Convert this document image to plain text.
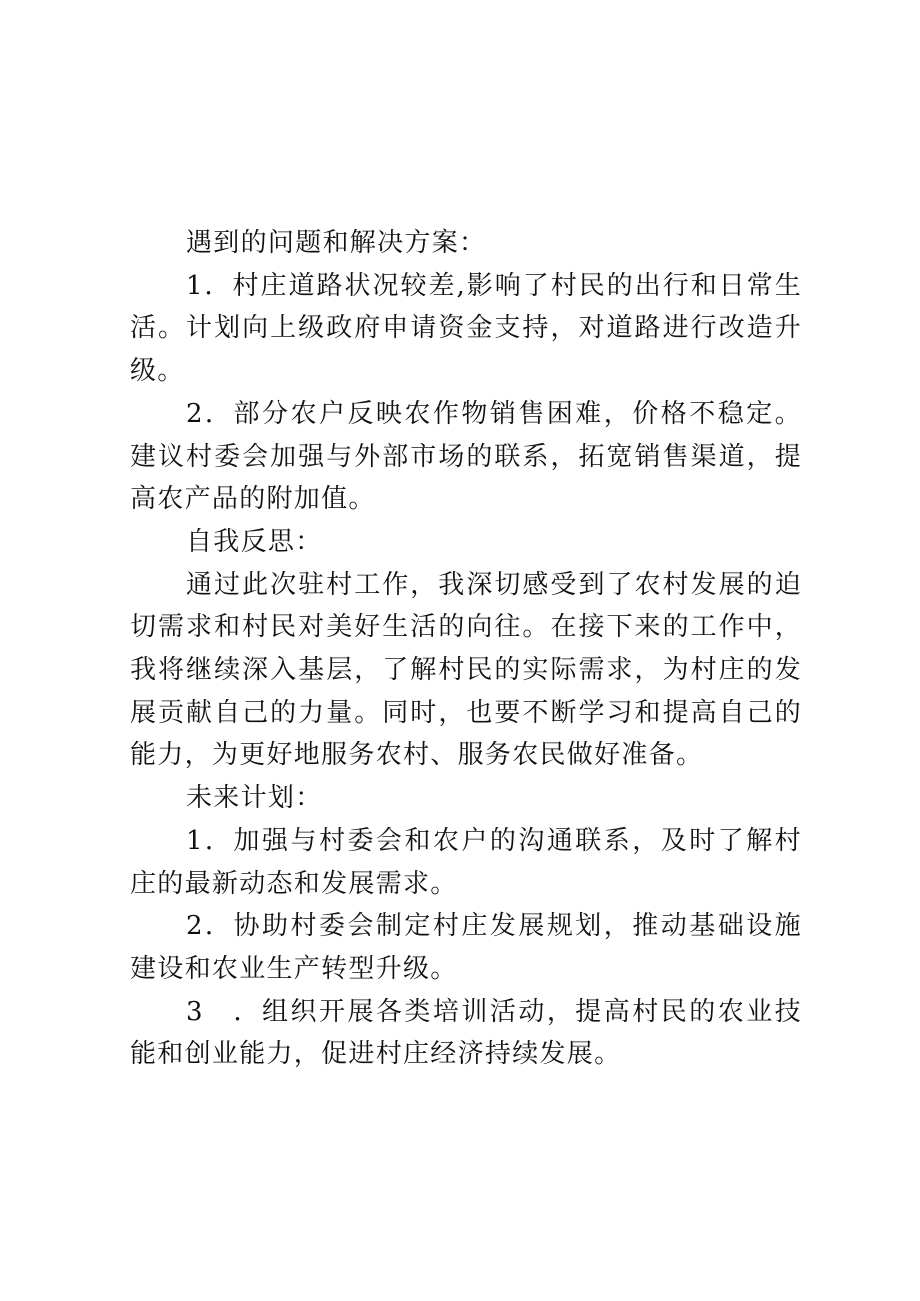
遇到的问题和解决方案：

1．村庄道路状况较差,影响了村民的出行和日常生活。计划向上级政府申请资金支持，对道路进行改造升级。

2．部分农户反映农作物销售困难，价格不稳定。建议村委会加强与外部市场的联系，拓宽销售渠道，提高农产品的附加值。

自我反思：

通过此次驻村工作，我深切感受到了农村发展的迫切需求和村民对美好生活的向往。在接下来的工作中，我将继续深入基层，了解村民的实际需求，为村庄的发展贡献自己的力量。同时，也要不断学习和提高自己的能力，为更好地服务农村、服务农民做好准备。

未来计划：

1．加强与村委会和农户的沟通联系，及时了解村庄的最新动态和发展需求。

2．协助村委会制定村庄发展规划，推动基础设施建设和农业生产转型升级。

3　．组织开展各类培训活动，提高村民的农业技能和创业能力，促进村庄经济持续发展。
